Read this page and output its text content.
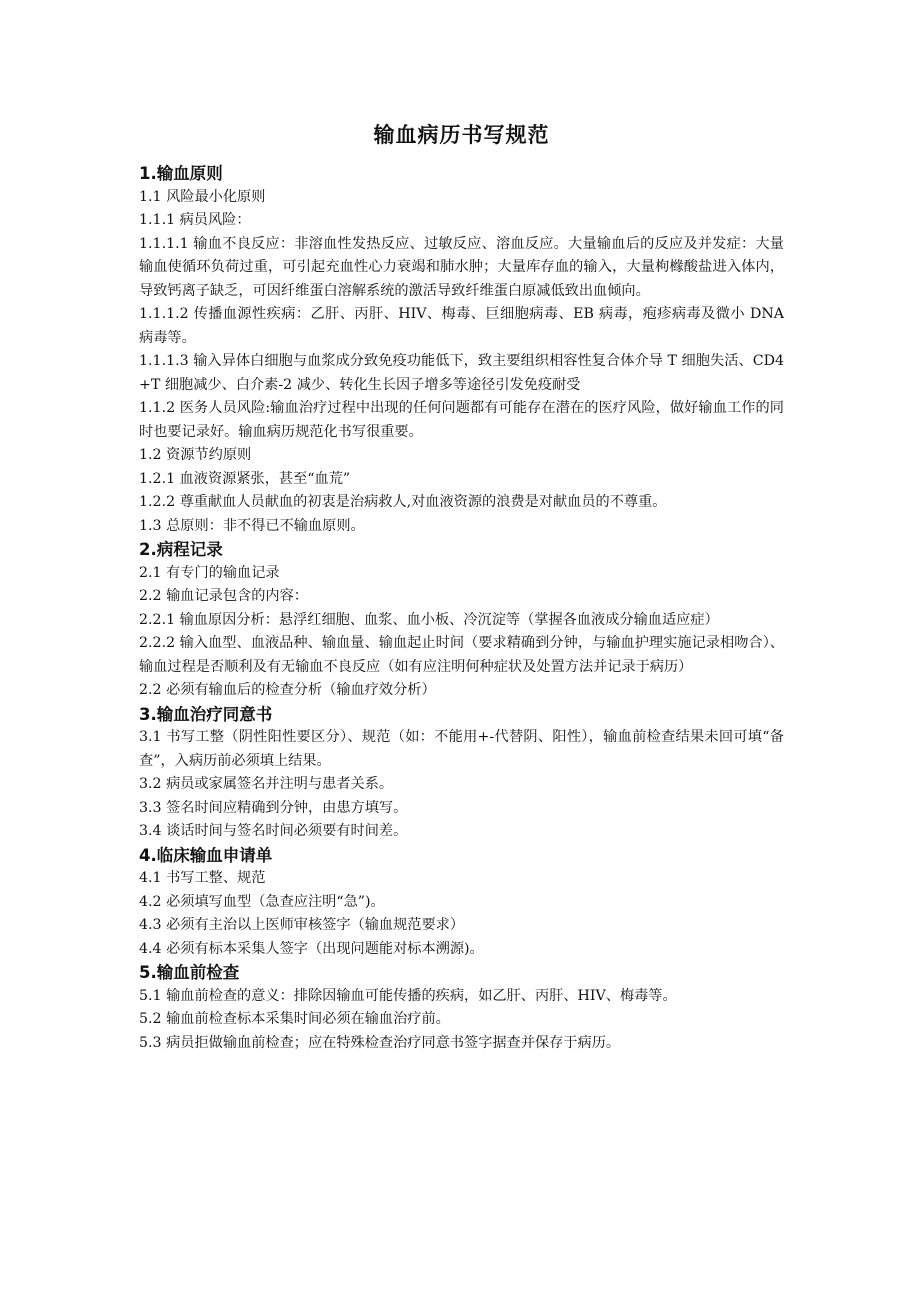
输血病历书写规范
1.输血原则

1.1 风险最小化原则

1.1.1 病员风险：

1.1.1.1 输血不良反应：非溶血性发热反应、过敏反应、溶血反应。大量输血后的反应及并发症：大量输血使循环负荷过重，可引起充血性心力衰竭和肺水肿；大量库存血的输入，大量枸橼酸盐进入体内，导致钙离子缺乏，可因纤维蛋白溶解系统的激活导致纤维蛋白原减低致出血倾向。

1.1.1.2 传播血源性疾病：乙肝、丙肝、HIV、梅毒、巨细胞病毒、EB 病毒，疱疹病毒及微小 DNA 病毒等。

1.1.1.3 输入异体白细胞与血浆成分致免疫功能低下，致主要组织相容性复合体介导 T 细胞失活、CD4+T 细胞减少、白介素-2 减少、转化生长因子增多等途径引发免疫耐受

1.1.2 医务人员风险:输血治疗过程中出现的任何问题都有可能存在潜在的医疗风险，做好输血工作的同时也要记录好。输血病历规范化书写很重要。

1.2 资源节约原则

1.2.1 血液资源紧张，甚至“血荒”

1.2.2 尊重献血人员献血的初衷是治病救人,对血液资源的浪费是对献血员的不尊重。

1.3 总原则：非不得已不输血原则。

2.病程记录

2.1 有专门的输血记录

2.2 输血记录包含的内容：

2.2.1 输血原因分析：悬浮红细胞、血浆、血小板、冷沉淀等（掌握各血液成分输血适应症）

2.2.2 输入血型、血液品种、输血量、输血起止时间（要求精确到分钟，与输血护理实施记录相吻合）、输血过程是否顺利及有无输血不良反应（如有应注明何种症状及处置方法并记录于病历）

2.2 必须有输血后的检查分析（输血疗效分析）

3.输血治疗同意书

3.1 书写工整（阴性阳性要区分）、规范（如：不能用+-代替阴、阳性），输血前检查结果未回可填“备查”，入病历前必须填上结果。

3.2 病员或家属签名并注明与患者关系。

3.3 签名时间应精确到分钟，由患方填写。

3.4 谈话时间与签名时间必须要有时间差。

4.临床输血申请单

4.1 书写工整、规范

4.2 必须填写血型（急查应注明“急”)。

4.3 必须有主治以上医师审核签字（输血规范要求）

4.4 必须有标本采集人签字（出现问题能对标本溯源)。

5.输血前检查

5.1 输血前检查的意义：排除因输血可能传播的疾病，如乙肝、丙肝、HIV、梅毒等。

5.2 输血前检查标本采集时间必须在输血治疗前。

5.3 病员拒做输血前检查；应在特殊检查治疗同意书签字据查并保存于病历。
